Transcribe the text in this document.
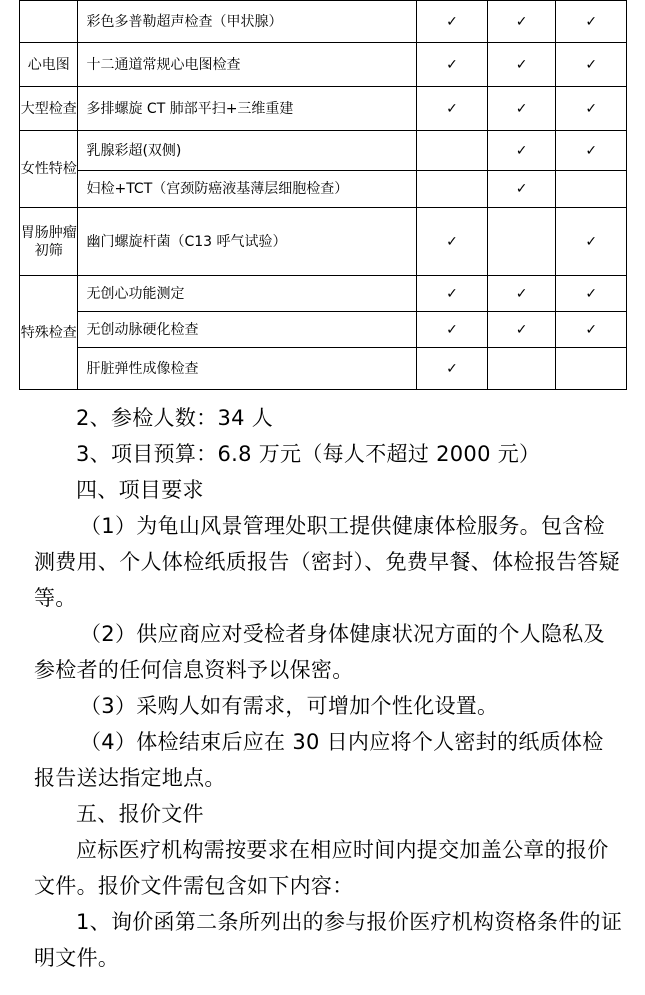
	彩色多普勒超声检查（甲状腺）	✓	✓	✓
心电图	十二通道常规心电图检查	✓	✓	✓
大型检查	多排螺旋 CT 肺部平扫+三维重建	✓	✓	✓
女性特检	乳腺彩超(双侧)		✓	✓
	妇检+TCT（宫颈防癌液基薄层细胞检查）		✓	
胃肠肿瘤初筛	幽门螺旋杆菌（C13 呼气试验）	✓		✓
特殊检查	无创心功能测定	✓	✓	✓
	无创动脉硬化检查	✓	✓	✓
	肝脏弹性成像检查	✓		

2、参检人数：34 人

3、项目预算：6.8 万元（每人不超过 2000 元）

四、项目要求

（1）为龟山风景管理处职工提供健康体检服务。包含检测费用、个人体检纸质报告（密封）、免费早餐、体检报告答疑等。

（2）供应商应对受检者身体健康状况方面的个人隐私及参检者的任何信息资料予以保密。

（3）采购人如有需求，可增加个性化设置。

（4）体检结束后应在 30 日内应将个人密封的纸质体检报告送达指定地点。

五、报价文件

应标医疗机构需按要求在相应时间内提交加盖公章的报价文件。报价文件需包含如下内容：

1、询价函第二条所列出的参与报价医疗机构资格条件的证明文件。
